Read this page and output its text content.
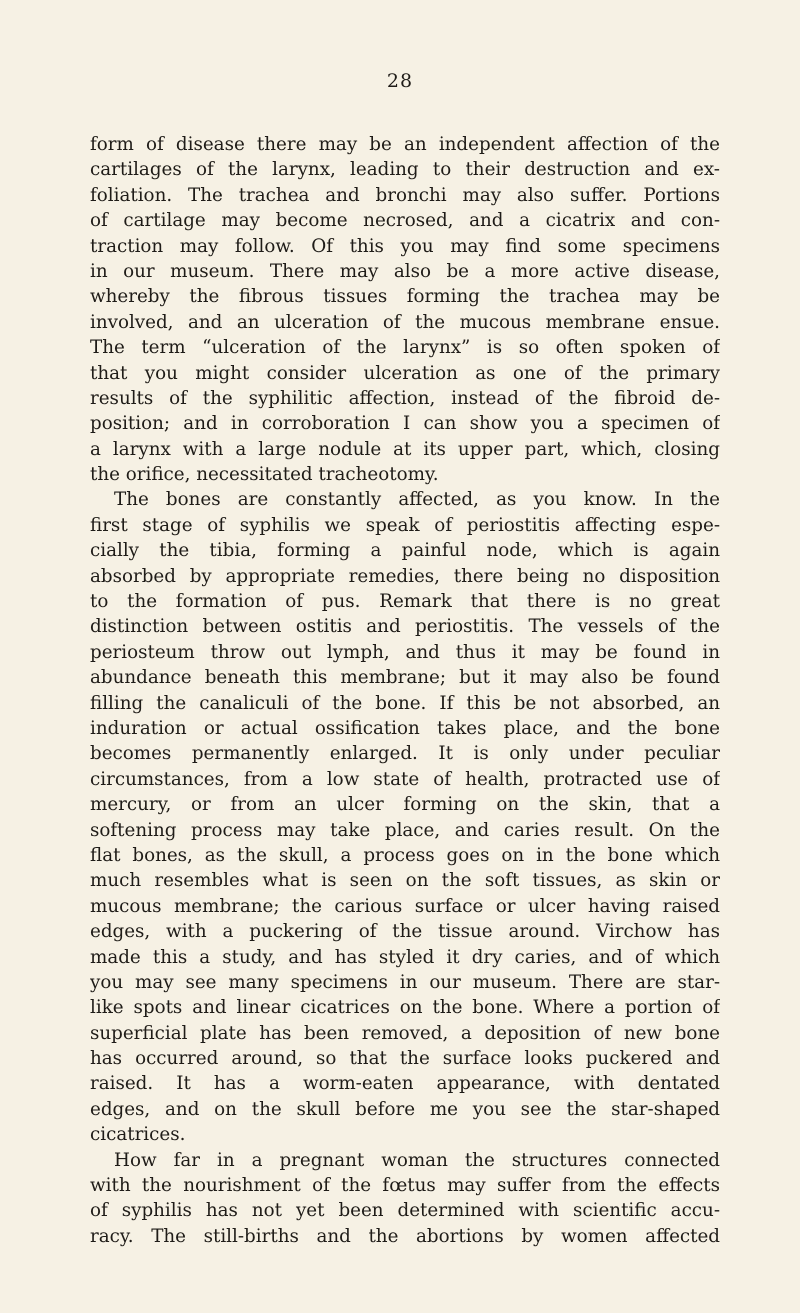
28
form of disease there may be an independent affection of the
cartilages of the larynx, leading to their destruction and ex-
foliation. The trachea and bronchi may also suffer. Portions
of cartilage may become necrosed, and a cicatrix and con-
traction may follow. Of this you may find some specimens
in our museum. There may also be a more active disease,
whereby the fibrous tissues forming the trachea may be
involved, and an ulceration of the mucous membrane ensue.
The term “ulceration of the larynx” is so often spoken of
that you might consider ulceration as one of the primary
results of the syphilitic affection, instead of the fibroid de-
position; and in corroboration I can show you a specimen of
a larynx with a large nodule at its upper part, which, closing
the orifice, necessitated tracheotomy.
The bones are constantly affected, as you know. In the
first stage of syphilis we speak of periostitis affecting espe-
cially the tibia, forming a painful node, which is again
absorbed by appropriate remedies, there being no disposition
to the formation of pus. Remark that there is no great
distinction between ostitis and periostitis. The vessels of the
periosteum throw out lymph, and thus it may be found in
abundance beneath this membrane; but it may also be found
filling the canaliculi of the bone. If this be not absorbed, an
induration or actual ossification takes place, and the bone
becomes permanently enlarged. It is only under peculiar
circumstances, from a low state of health, protracted use of
mercury, or from an ulcer forming on the skin, that a
softening process may take place, and caries result. On the
flat bones, as the skull, a process goes on in the bone which
much resembles what is seen on the soft tissues, as skin or
mucous membrane; the carious surface or ulcer having raised
edges, with a puckering of the tissue around. Virchow has
made this a study, and has styled it dry caries, and of which
you may see many specimens in our museum. There are star-
like spots and linear cicatrices on the bone. Where a portion of
superficial plate has been removed, a deposition of new bone
has occurred around, so that the surface looks puckered and
raised. It has a worm-eaten appearance, with dentated
edges, and on the skull before me you see the star-shaped
cicatrices.
How far in a pregnant woman the structures connected
with the nourishment of the fœtus may suffer from the effects
of syphilis has not yet been determined with scientific accu-
racy. The still-births and the abortions by women affected
